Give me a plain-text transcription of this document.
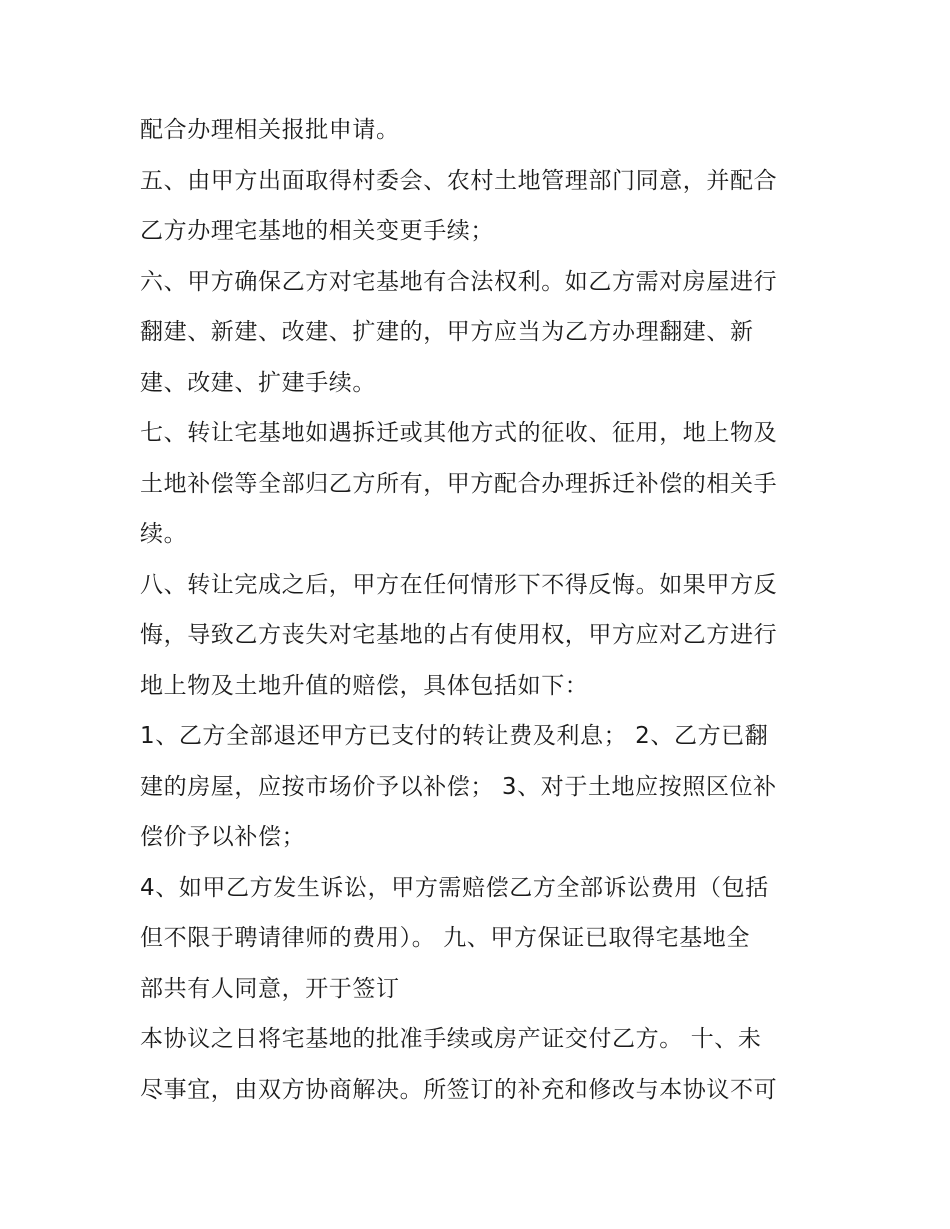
配合办理相关报批申请。
五、由甲方出面取得村委会、农村土地管理部门同意，并配合
乙方办理宅基地的相关变更手续；
六、甲方确保乙方对宅基地有合法权利。如乙方需对房屋进行
翻建、新建、改建、扩建的，甲方应当为乙方办理翻建、新
建、改建、扩建手续。
七、转让宅基地如遇拆迁或其他方式的征收、征用，地上物及
土地补偿等全部归乙方所有，甲方配合办理拆迁补偿的相关手
续。
八、转让完成之后，甲方在任何情形下不得反悔。如果甲方反
悔，导致乙方丧失对宅基地的占有使用权，甲方应对乙方进行
地上物及土地升值的赔偿，具体包括如下：
1、乙方全部退还甲方已支付的转让费及利息； 2、乙方已翻
建的房屋，应按市场价予以补偿； 3、对于土地应按照区位补
偿价予以补偿；
4、如甲乙方发生诉讼，甲方需赔偿乙方全部诉讼费用（包括
但不限于聘请律师的费用）。 九、甲方保证已取得宅基地全
部共有人同意，开于签订
本协议之日将宅基地的批准手续或房产证交付乙方。 十、未
尽事宜，由双方协商解决。所签订的补充和修改与本协议不可
